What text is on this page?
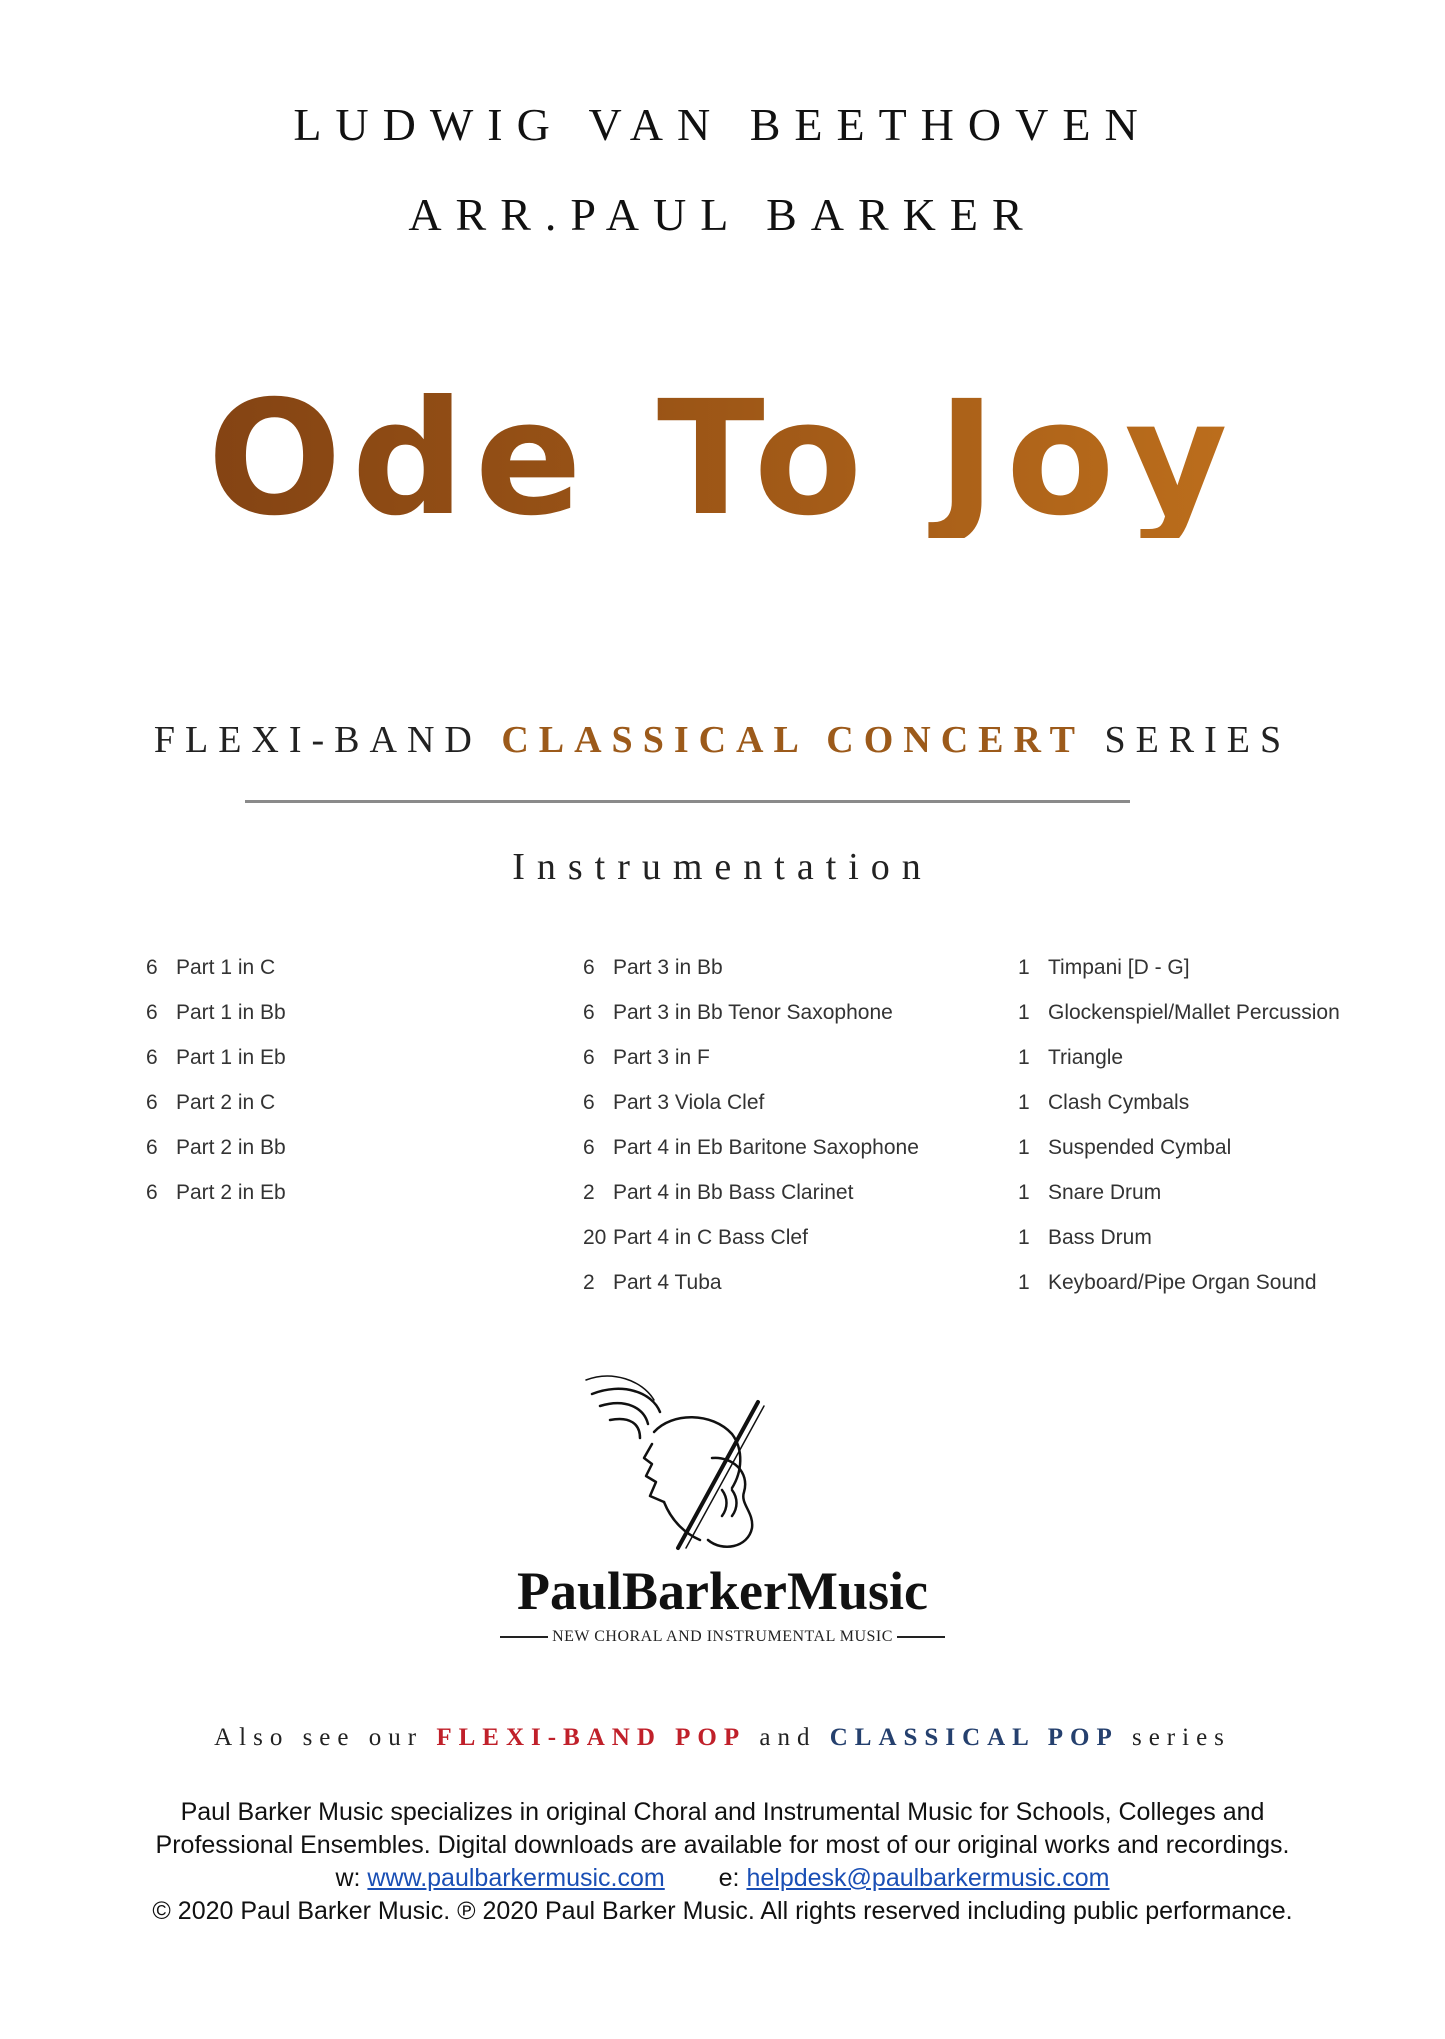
LUDWIG VAN BEETHOVEN
ARR.PAUL BARKER
Ode To Joy
FLEXI-BAND CLASSICAL CONCERT SERIES
Instrumentation
6 Part 1 in C
6 Part 1 in Bb
6 Part 1 in Eb
6 Part 2 in C
6 Part 2 in Bb
6 Part 2 in Eb
6 Part 3 in Bb
6 Part 3 in Bb Tenor Saxophone
6 Part 3 in F
6 Part 3 Viola Clef
6 Part 4 in Eb Baritone Saxophone
2 Part 4 in Bb Bass Clarinet
20 Part 4 in C Bass Clef
2 Part 4 Tuba
1 Timpani [D - G]
1 Glockenspiel/Mallet Percussion
1 Triangle
1 Clash Cymbals
1 Suspended Cymbal
1 Snare Drum
1 Bass Drum
1 Keyboard/Pipe Organ Sound
PaulBarkerMusic
NEW CHORAL AND INSTRUMENTAL MUSIC
Also see our FLEXI-BAND POP and CLASSICAL POP series
Paul Barker Music specializes in original Choral and Instrumental Music for Schools, Colleges and
Professional Ensembles. Digital downloads are available for most of our original works and recordings.
w: www.paulbarkermusic.com e: helpdesk@paulbarkermusic.com
© 2020 Paul Barker Music. ℗ 2020 Paul Barker Music. All rights reserved including public performance.
